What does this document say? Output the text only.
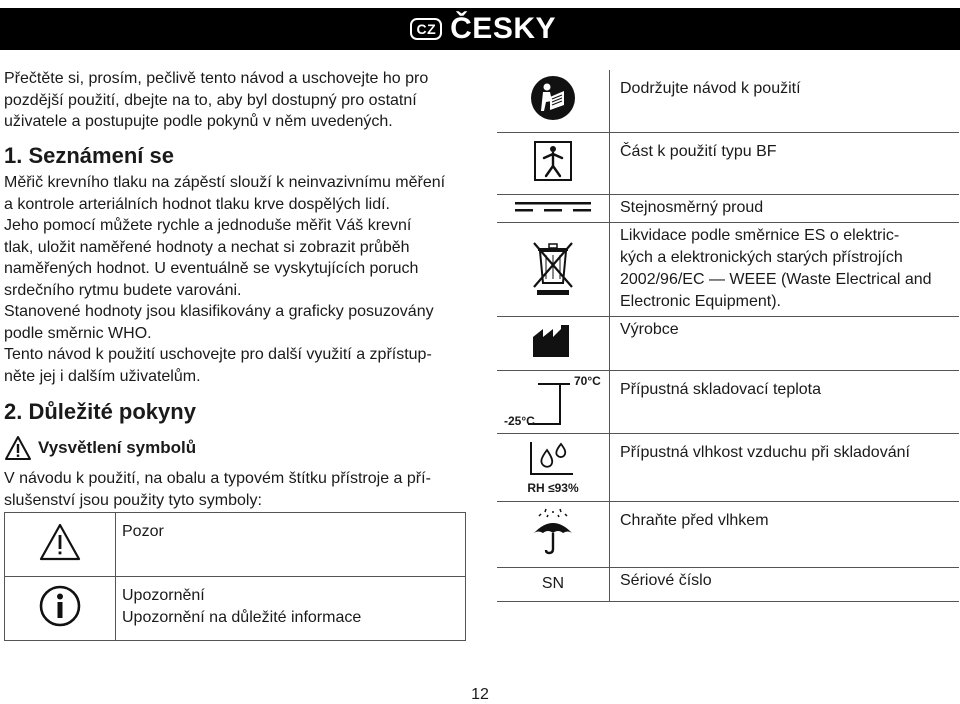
CZ ČESKY

Přečtěte si, prosím, pečlivě tento návod a uschovejte ho pro

pozdější použití, dbejte na to, aby byl dostupný pro ostatní

uživatele a postupujte podle pokynů v něm uvedených.

1. Seznámení se

Měřič krevního tlaku na zápěstí slouží k neinvazivnímu měření

a kontrole arteriálních hodnot tlaku krve dospělých lidí.

Jeho pomocí můžete rychle a jednoduše měřit Váš krevní

tlak, uložit naměřené hodnoty a nechat si zobrazit průběh

naměřených hodnot. U eventuálně se vyskytujících poruch

srdečního rytmu budete varováni.

Stanovené hodnoty jsou klasifikovány a graficky posuzovány

podle směrnic WHO.

Tento návod k použití uschovejte pro další využití a zpřístup-

něte jej i dalším uživatelům.

2. Důležité pokyny
Vysvětlení symbolů

V návodu k použití, na obalu a typovém štítku přístroje a pří-

slušenství jsou použity tyto symboly:

Pozor

Upozornění
Upozornění na důležité informace

Dodržujte návod k použití

Část k použití typu BF

Stejnosměrný proud

Likvidace podle směrnice ES o elektric-
kých a elektronických starých přístrojích
2002/96/EC — WEEE (Waste Electrical and
Electronic Equipment).

Výrobce

70°C
-25°C	Přípustná skladovací teplota

RH ≤93%	Přípustná vlhkost vzduchu při skladování

Chraňte před vlhkem

SN	Sériové číslo
12
